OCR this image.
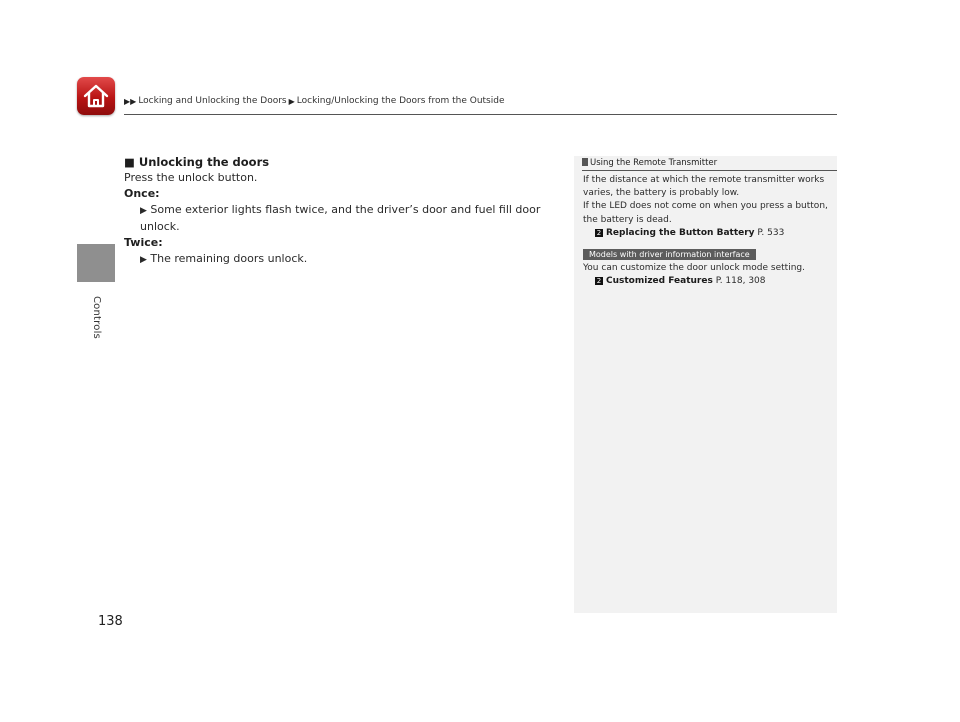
▶▶ Locking and Unlocking the Doors ▶ Locking/Unlocking the Doors from the Outside
Controls
■ Unlocking the doors
Press the unlock button.
Once:
▶ Some exterior lights flash twice, and the driver’s door and fuel fill door unlock.
Twice:
▶ The remaining doors unlock.
Using the Remote Transmitter
If the distance at which the remote transmitter works varies, the battery is probably low.
If the LED does not come on when you press a button, the battery is dead.
2 Replacing the Button Battery P. 533
Models with driver information interface
You can customize the door unlock mode setting.
2 Customized Features P. 118, 308
138
